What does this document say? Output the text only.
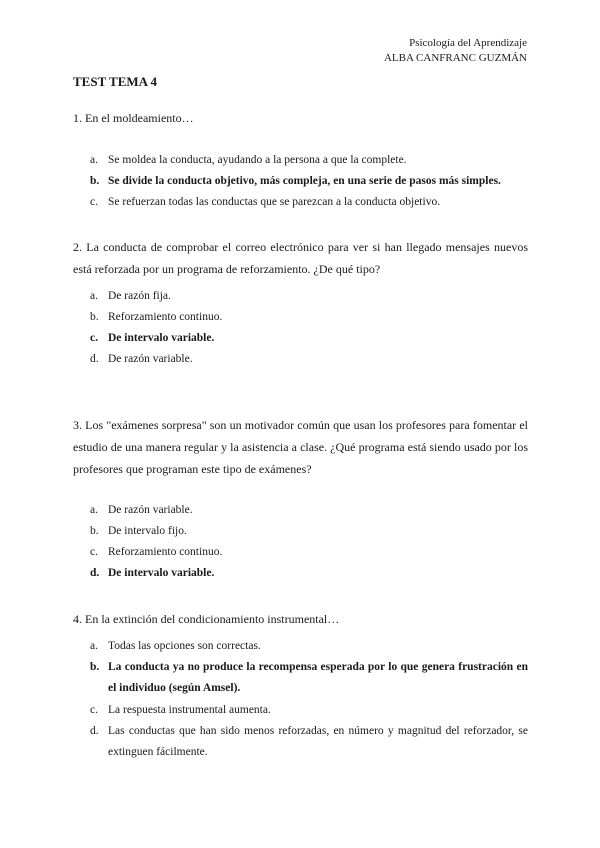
Psicología del Aprendizaje
ALBA CANFRANC GUZMÁN
TEST TEMA 4
1. En el moldeamiento…
a. Se moldea la conducta, ayudando a la persona a que la complete.
b. Se divide la conducta objetivo, más compleja, en una serie de pasos más simples.
c. Se refuerzan todas las conductas que se parezcan a la conducta objetivo.
2. La conducta de comprobar el correo electrónico para ver si han llegado mensajes nuevos está reforzada por un programa de reforzamiento. ¿De qué tipo?
a. De razón fija.
b. Reforzamiento continuo.
c. De intervalo variable.
d. De razón variable.
3. Los "exámenes sorpresa" son un motivador común que usan los profesores para fomentar el estudio de una manera regular y la asistencia a clase. ¿Qué programa está siendo usado por los profesores que programan este tipo de exámenes?
a. De razón variable.
b. De intervalo fijo.
c. Reforzamiento continuo.
d. De intervalo variable.
4. En la extinción del condicionamiento instrumental…
a. Todas las opciones son correctas.
b. La conducta ya no produce la recompensa esperada por lo que genera frustración en el individuo (según Amsel).
c. La respuesta instrumental aumenta.
d. Las conductas que han sido menos reforzadas, en número y magnitud del reforzador, se extinguen fácilmente.
